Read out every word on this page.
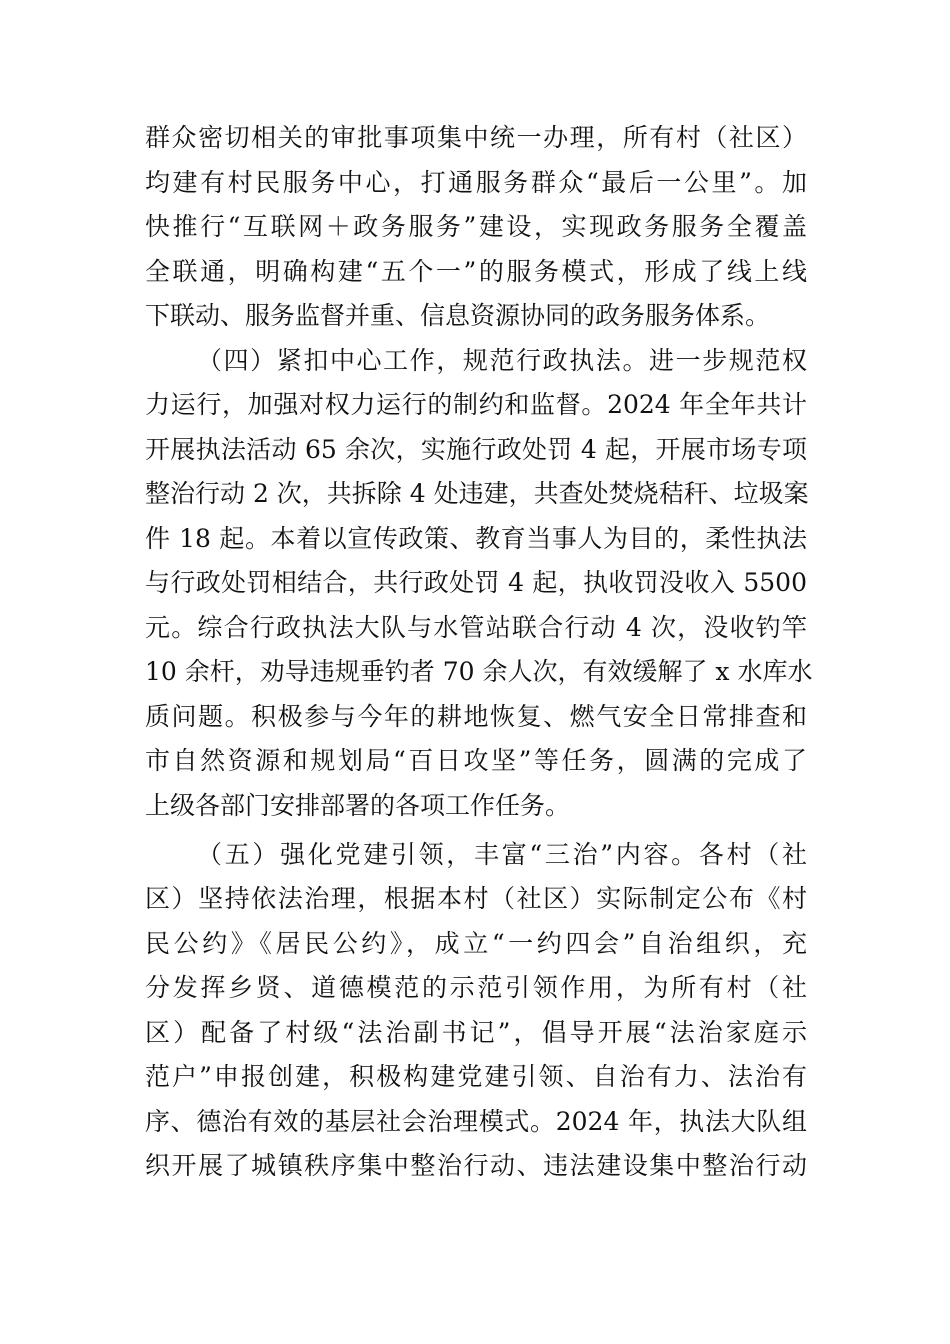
群众密切相关的审批事项集中统一办理，所有村（社区）
均建有村民服务中心，打通服务群众“最后一公里”。加
快推行“互联网＋政务服务”建设，实现政务服务全覆盖
全联通，明确构建“五个一”的服务模式，形成了线上线
下联动、服务监督并重、信息资源协同的政务服务体系。
（四）紧扣中心工作，规范行政执法。进一步规范权
力运行，加强对权力运行的制约和监督。2024 年全年共计
开展执法活动 65 余次，实施行政处罚 4 起，开展市场专项
整治行动 2 次，共拆除 4 处违建，共查处焚烧秸秆、垃圾案
件 18 起。本着以宣传政策、教育当事人为目的，柔性执法
与行政处罚相结合，共行政处罚 4 起，执收罚没收入 5500
元。综合行政执法大队与水管站联合行动 4 次，没收钓竿
10 余杆，劝导违规垂钓者 70 余人次，有效缓解了 x 水库水
质问题。积极参与今年的耕地恢复、燃气安全日常排查和
市自然资源和规划局“百日攻坚”等任务，圆满的完成了
上级各部门安排部署的各项工作任务。
（五）强化党建引领，丰富“三治”内容。各村（社
区）坚持依法治理，根据本村（社区）实际制定公布《村
民公约》《居民公约》，成立“一约四会”自治组织，充
分发挥乡贤、道德模范的示范引领作用，为所有村（社
区）配备了村级“法治副书记”，倡导开展“法治家庭示
范户”申报创建，积极构建党建引领、自治有力、法治有
序、德治有效的基层社会治理模式。2024 年，执法大队组
织开展了城镇秩序集中整治行动、违法建设集中整治行动
